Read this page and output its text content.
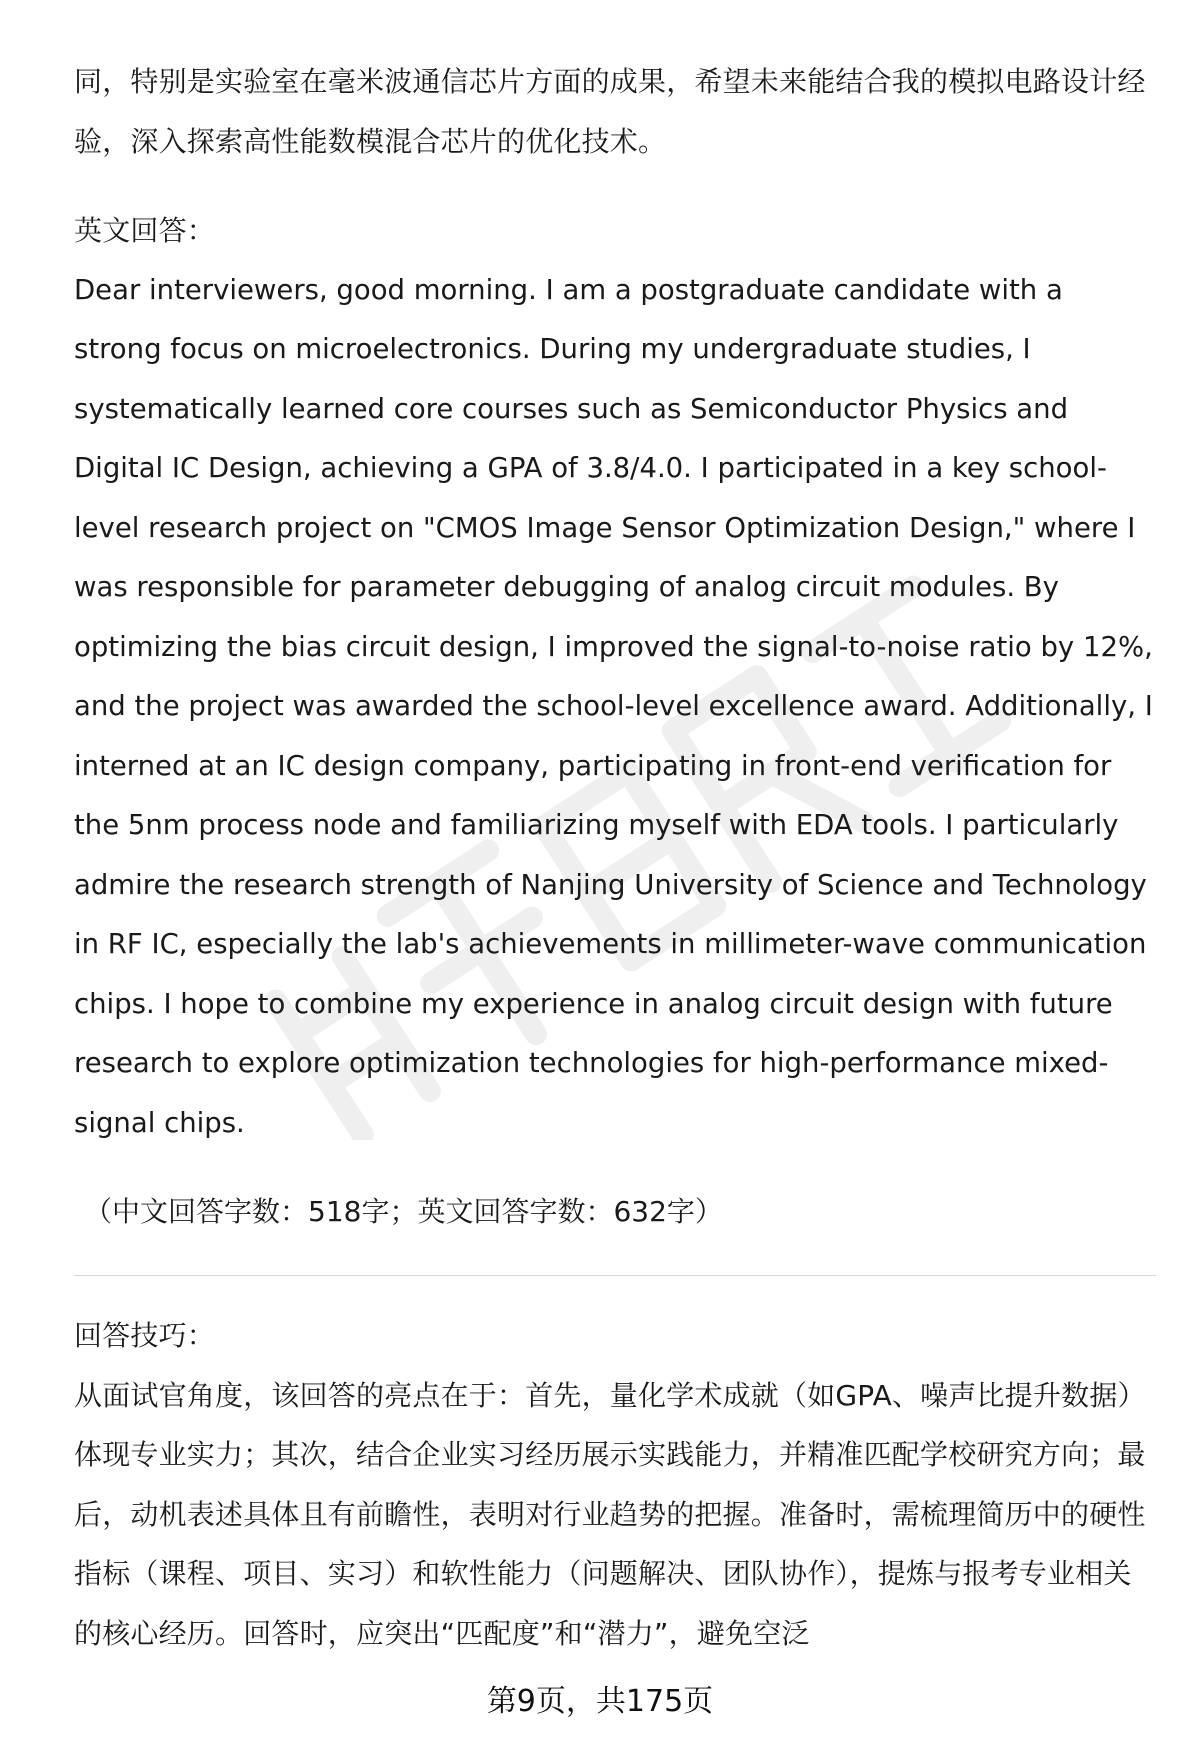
同，特别是实验室在毫米波通信芯片方面的成果，希望未来能结合我的模拟电路设计经验，深入探索高性能数模混合芯片的优化技术。

英文回答：

Dear interviewers, good morning. I am a postgraduate candidate with a strong focus on microelectronics. During my undergraduate studies, I systematically learned core courses such as Semiconductor Physics and Digital IC Design, achieving a GPA of 3.8/4.0. I participated in a key school-level research project on "CMOS Image Sensor Optimization Design," where I was responsible for parameter debugging of analog circuit modules. By optimizing the bias circuit design, I improved the signal-to-noise ratio by 12%, and the project was awarded the school-level excellence award. Additionally, I interned at an IC design company, participating in front-end verification for the 5nm process node and familiarizing myself with EDA tools. I particularly admire the research strength of Nanjing University of Science and Technology in RF IC, especially the lab's achievements in millimeter-wave communication chips. I hope to combine my experience in analog circuit design with future research to explore optimization technologies for high-performance mixed-signal chips.

（中文回答字数：518字；英文回答字数：632字）

回答技巧：

从面试官角度，该回答的亮点在于：首先，量化学术成就（如GPA、噪声比提升数据）体现专业实力；其次，结合企业实习经历展示实践能力，并精准匹配学校研究方向；最后，动机表述具体且有前瞻性，表明对行业趋势的把握。准备时，需梳理简历中的硬性指标（课程、项目、实习）和软性能力（问题解决、团队协作），提炼与报考专业相关的核心经历。回答时，应突出“匹配度”和“潜力”，避免空泛

第9页，共175页
